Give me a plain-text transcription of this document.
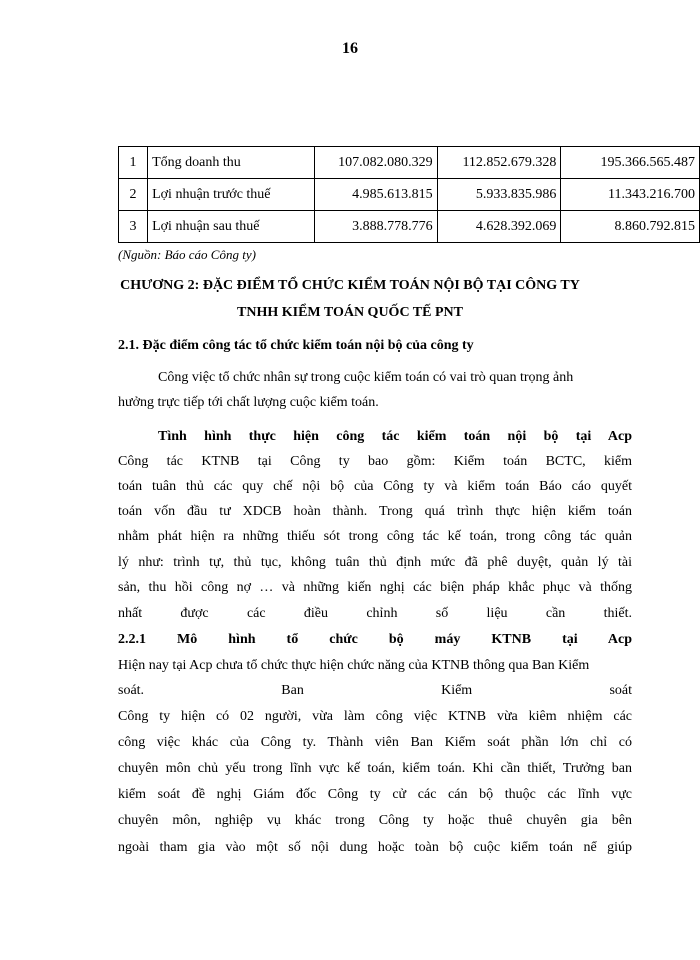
16
1	Tổng doanh thu	107.082.080.329	112.852.679.328	195.366.565.487
2	Lợi nhuận trước thuế	4.985.613.815	5.933.835.986	11.343.216.700
3	Lợi nhuận sau thuế	3.888.778.776	4.628.392.069	8.860.792.815
(Nguồn: Báo cáo Công ty)
CHƯƠNG 2: ĐẶC ĐIỂM TỔ CHỨC KIỂM TOÁN NỘI BỘ TẠI CÔNG TY
TNHH KIỂM TOÁN QUỐC TẾ PNT
2.1. Đặc điểm công tác tổ chức kiểm toán nội bộ của công ty
Công việc tổ chức nhân sự trong cuộc kiểm toán có vai trò quan trọng ảnh
hưởng trực tiếp tới chất lượng cuộc kiểm toán.
Tình hình thực hiện công tác kiểm toán nội bộ tại Acp
Công tác KTNB tại Công ty bao gồm: Kiểm toán BCTC, kiểm
toán tuân thủ các quy chế nội bộ của Công ty và kiểm toán Báo cáo quyết
toán vốn đầu tư XDCB hoàn thành. Trong quá trình thực hiện kiểm toán
nhằm phát hiện ra những thiếu sót trong công tác kế toán, trong công tác quản
lý như: trình tự, thủ tục, không tuân thủ định mức đã phê duyệt, quản lý tài
sản, thu hồi công nợ … và những kiến nghị các biện pháp khắc phục và thống
nhất được các điều chỉnh số liệu cần thiết.
2.2.1 Mô hình tổ chức bộ máy KTNB tại Acp
Hiện nay tại Acp chưa tổ chức thực hiện chức năng của KTNB thông qua Ban Kiểm
soát. Ban Kiểm soát
Công ty hiện có 02 người, vừa làm công việc KTNB vừa kiêm nhiệm các
công việc khác của Công ty. Thành viên Ban Kiểm soát phần lớn chỉ có
chuyên môn chủ yếu trong lĩnh vực kế toán, kiểm toán. Khi cần thiết, Trưởng ban
kiểm soát đề nghị Giám đốc Công ty cử các cán bộ thuộc các lĩnh vực
chuyên môn, nghiệp vụ khác trong Công ty hoặc thuê chuyên gia bên
ngoài tham gia vào một số nội dung hoặc toàn bộ cuộc kiểm toán nể giúp
